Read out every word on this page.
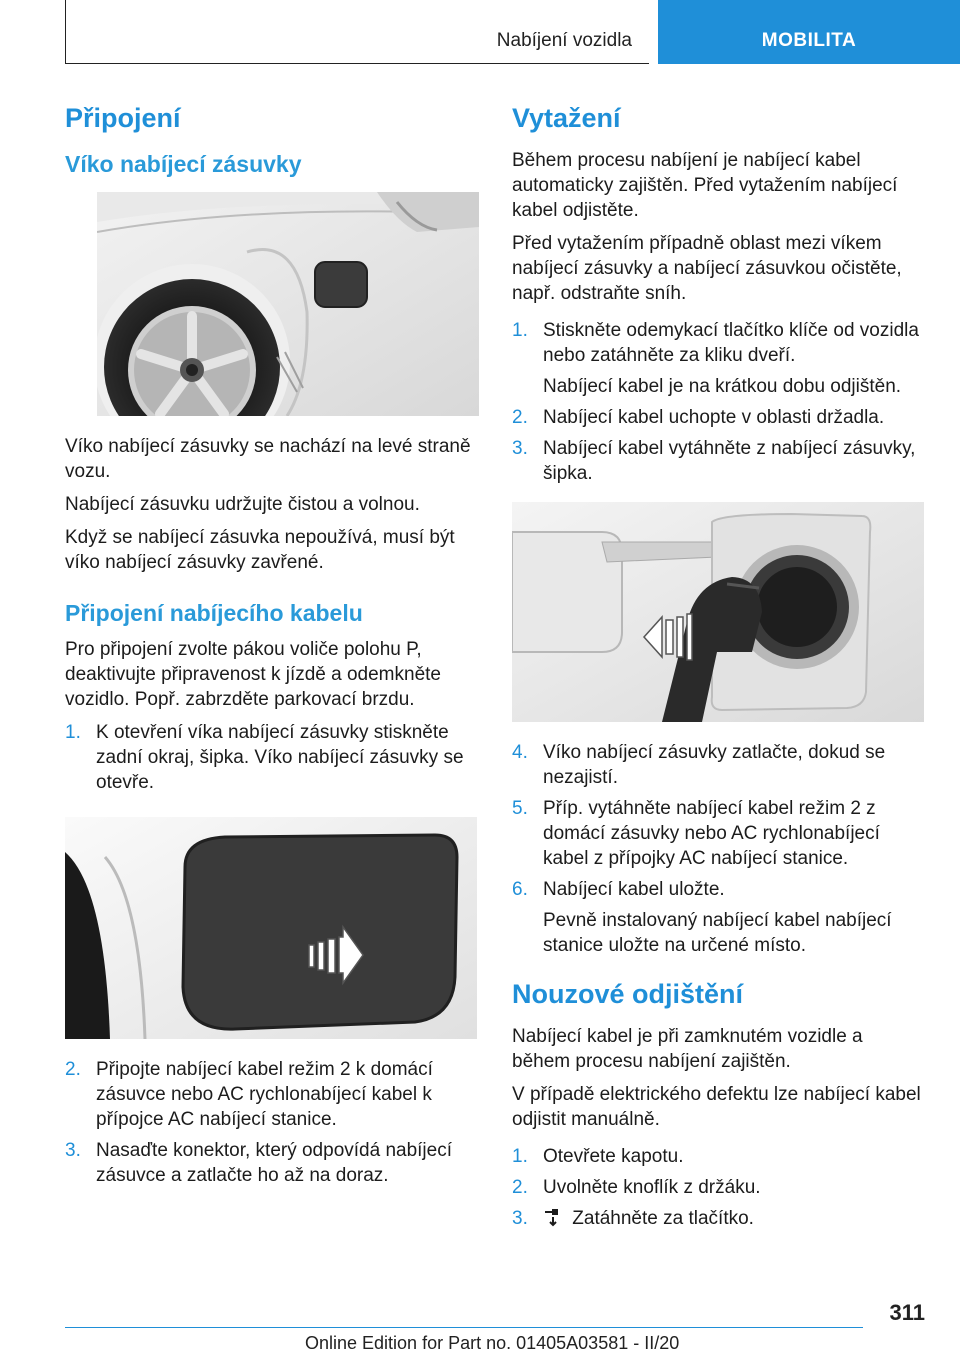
Nabíjení vozidla	MOBILITA
Připojení
Víko nabíjecí zásuvky

Víko nabíjecí zásuvky se nachází na levé straně vozu.

Nabíjecí zásuvku udržujte čistou a volnou.

Když se nabíjecí zásuvka nepoužívá, musí být víko nabíjecí zásuvky zavřené.

Připojení nabíjecího kabelu

Pro připojení zvolte pákou voliče polohu P, deaktivujte připravenost k jízdě a odemkněte vozidlo. Popř. zabrzděte parkovací brzdu.

1. K otevření víka nabíjecí zásuvky stiskněte zadní okraj, šipka. Víko nabíjecí zásuvky se otevře.
2. Připojte nabíjecí kabel režim 2 k domácí zásuvce nebo AC rychlonabíjecí kabel k přípojce AC nabíjecí stanice.
3. Nasaďte konektor, který odpovídá nabíjecí zásuvce a zatlačte ho až na doraz.
Vytažení

Během procesu nabíjení je nabíjecí kabel automaticky zajištěn. Před vytažením nabíjecí kabel odjistěte.

Před vytažením případně oblast mezi víkem nabíjecí zásuvky a nabíjecí zásuvkou očistěte, např. odstraňte sníh.

1. Stiskněte odemykací tlačítko klíče od vozidla nebo zatáhněte za kliku dveří.
Nabíjecí kabel je na krátkou dobu odjištěn.
2. Nabíjecí kabel uchopte v oblasti držadla.
3. Nabíjecí kabel vytáhněte z nabíjecí zásuvky, šipka.
4. Víko nabíjecí zásuvky zatlačte, dokud se nezajistí.
5. Příp. vytáhněte nabíjecí kabel režim 2 z domácí zásuvky nebo AC rychlonabíjecí kabel z přípojky AC nabíjecí stanice.
6. Nabíjecí kabel uložte.
Pevně instalovaný nabíjecí kabel nabíjecí stanice uložte na určené místo.
Nouzové odjištění

Nabíjecí kabel je při zamknutém vozidle a během procesu nabíjení zajištěn.

V případě elektrického defektu lze nabíjecí kabel odjistit manuálně.

1. Otevřete kapotu.
2. Uvolněte knoflík z držáku.
3. Zatáhněte za tlačítko.
311
Online Edition for Part no. 01405A03581 - II/20
